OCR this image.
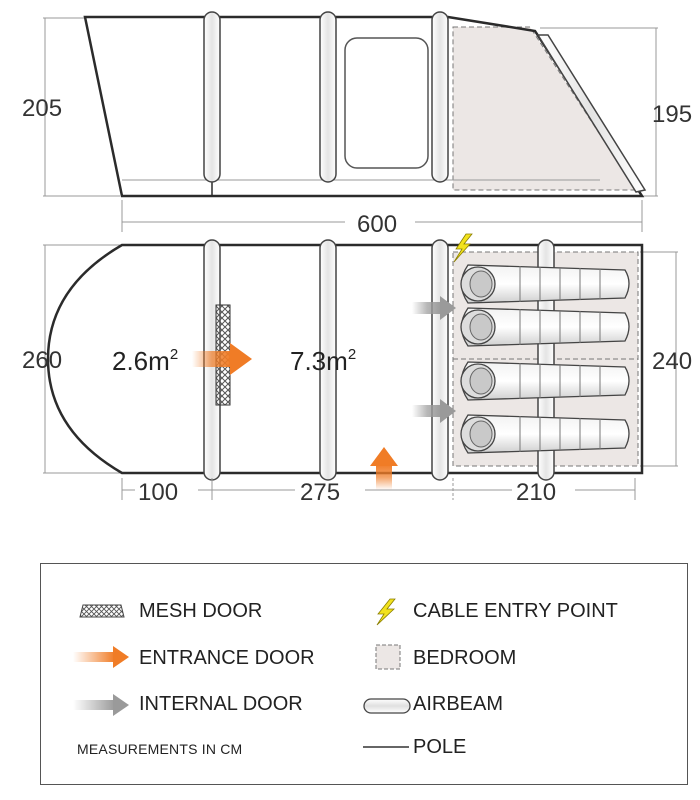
205	195
600
$2.6m^2$	$7.3m^2$
260	240
100	275	210
MESH DOOR
ENTRANCE DOOR
INTERNAL DOOR
MEASUREMENTS IN CM
CABLE ENTRY POINT
BEDROOM
AIRBEAM
POLE
